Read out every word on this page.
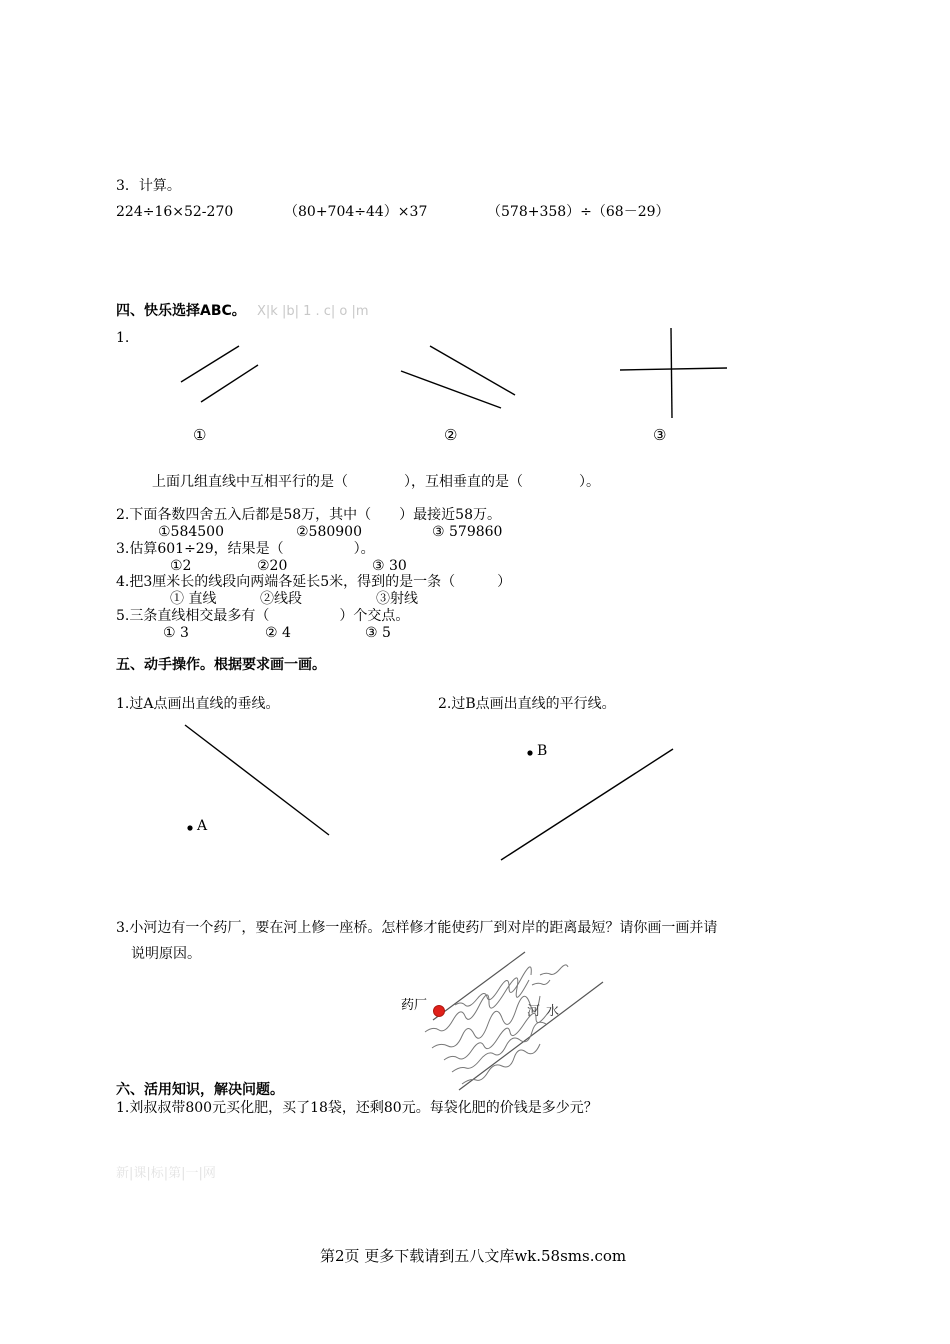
3．计算。
224÷16×52-270	（80+704÷44）×37	（578+358）÷（68－29）
四、快乐选择ABC。 X|k |b| 1 . c| o |m
1.
①	②	③
上面几组直线中互相平行的是（　　　　），互相垂直的是（　　　　）。
2.下面各数四舍五入后都是58万，其中（　　）最接近58万。
①584500	②580900	③ 579860
3.估算601÷29，结果是（　　　　　）。
①2	②20	③ 30
4.把3厘米长的线段向两端各延长5米，得到的是一条（　　　）
① 直线	②线段	③射线
5.三条直线相交最多有（　　　　　）个交点。
① 3	② 4	③ 5
五、动手操作。根据要求画一画。
1.过A点画出直线的垂线。	2.过B点画出直线的平行线。
A
B
3.小河边有一个药厂，要在河上修一座桥。怎样修才能使药厂到对岸的距离最短？请你画一画并请
说明原因。
药厂	河水
六、活用知识，解决问题。
1.刘叔叔带800元买化肥，买了18袋，还剩80元。每袋化肥的价钱是多少元？
新|课|标|第|一|网
第2页 更多下载请到五八文库wk.58sms.com
